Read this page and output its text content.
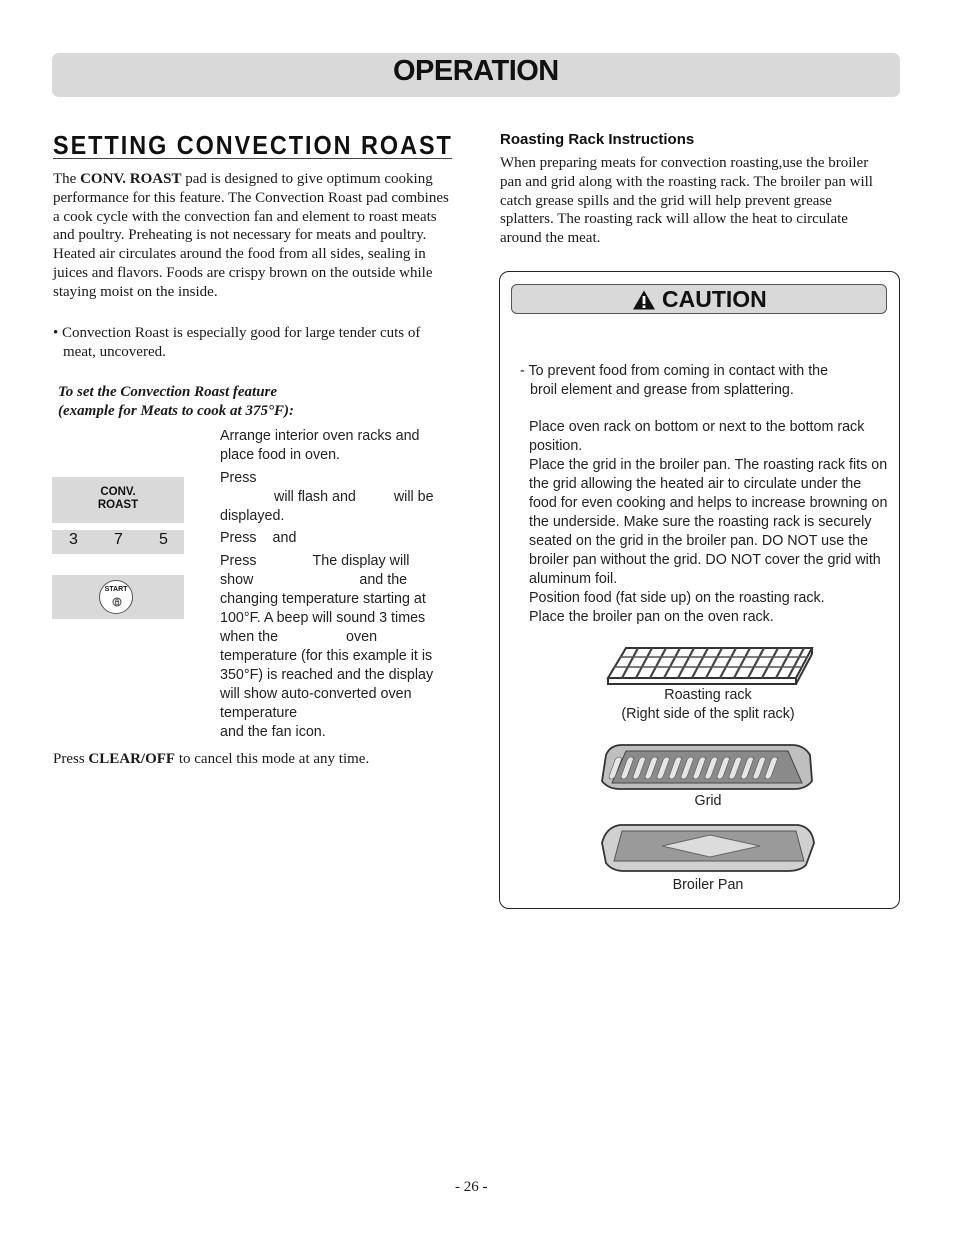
OPERATION
SETTING CONVECTION ROAST
The CONV. ROAST pad is designed to give optimum cooking performance for this feature. The Convection Roast pad combines a cook cycle with the convection fan and element to roast meats and poultry. Preheating is not necessary for meats and poultry. Heated air circulates around the food from all sides, sealing in juices and flavors. Foods are crispy brown on the outside while staying moist on the inside.
• Convection Roast is especially good for large tender cuts of
meat, uncovered.
To set the Convection Roast feature
(example for Meats to cook at 375°F):
CONV.
ROAST
3 7 5
START
Arrange interior oven racks and place food in oven.
Press
will flash and	will be
displayed.
Press and
Press	The display will
show	and the
changing temperature starting at 100°F. A beep will sound 3 times
when the	oven
temperature (for this example it is 350°F) is reached and the display will show auto-converted oven temperature
and the fan icon.
Press CLEAR/OFF to cancel this mode at any time.
Roasting Rack Instructions
When preparing meats for convection roasting,use the broiler pan and grid along with the roasting rack. The broiler pan will catch grease spills and the grid will help prevent grease splatters. The roasting rack will allow the heat to circulate around the meat.
CAUTION
- To prevent food from coming in contact with the
broil element and grease from splattering.
Place oven rack on bottom or next to the bottom rack position.
Place the grid in the broiler pan. The roasting rack fits on the grid allowing the heated air to circulate under the food for even cooking and helps to increase browning on the underside. Make sure the roasting rack is securely seated on the grid in the broiler pan. DO NOT use the broiler pan without the grid. DO NOT cover the grid with aluminum foil.
Position food (fat side up) on the roasting rack.
Place the broiler pan on the oven rack.
Roasting rack
(Right side of the split rack)
Grid
Broiler Pan
- 26 -
